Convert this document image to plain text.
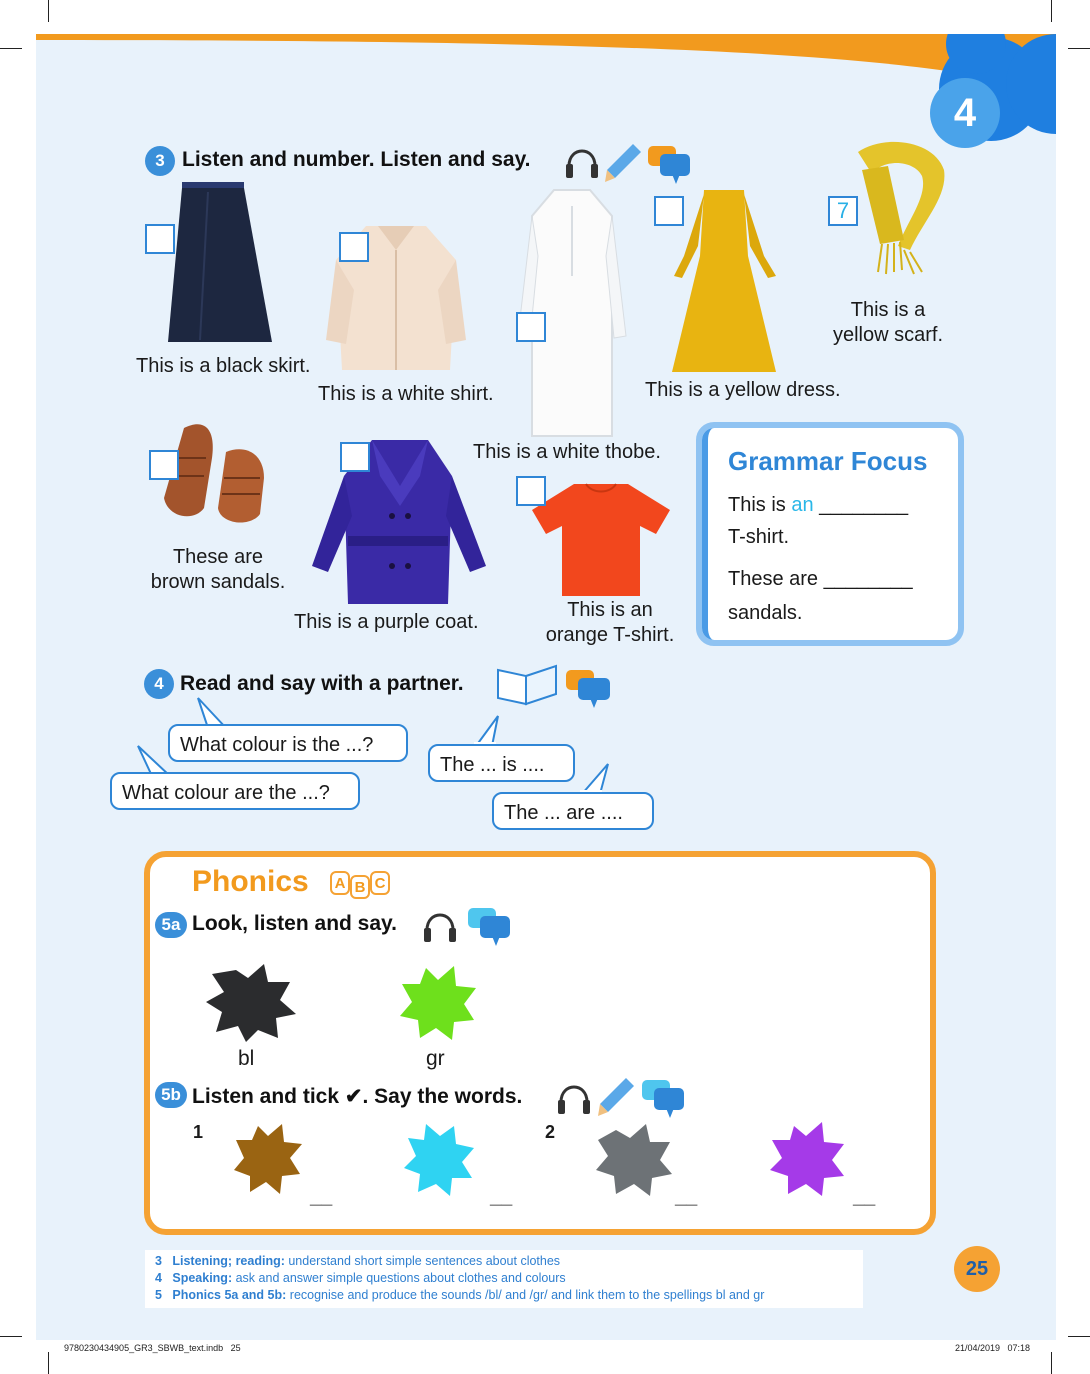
4
3 Listen and number. Listen and say.
This is a black skirt.
This is a white shirt.
This is a white thobe.
This is a yellow dress.
7
This is a
yellow scarf.
These are
brown sandals.
This is a purple coat.
This is an
orange T-shirt.
Grammar Focus
This is an ________
T-shirt.
These are ________
sandals.
4 Read and say with a partner.
What colour is the ...?
What colour are the ...?
The ... is ....
The ... are ....
Phonics	A B C
5a Look, listen and say.
bl	gr
5b Listen and tick ✔. Say the words.
1	2
__	__	__	__
3 Listening; reading: understand short simple sentences about clothes
4 Speaking: ask and answer simple questions about clothes and colours
5 Phonics 5a and 5b: recognise and produce the sounds /bl/ and /gr/ and link them to the spellings bl and gr
25
9780230434905_GR3_SBWB_text.indb   25	21/04/2019   07:18
